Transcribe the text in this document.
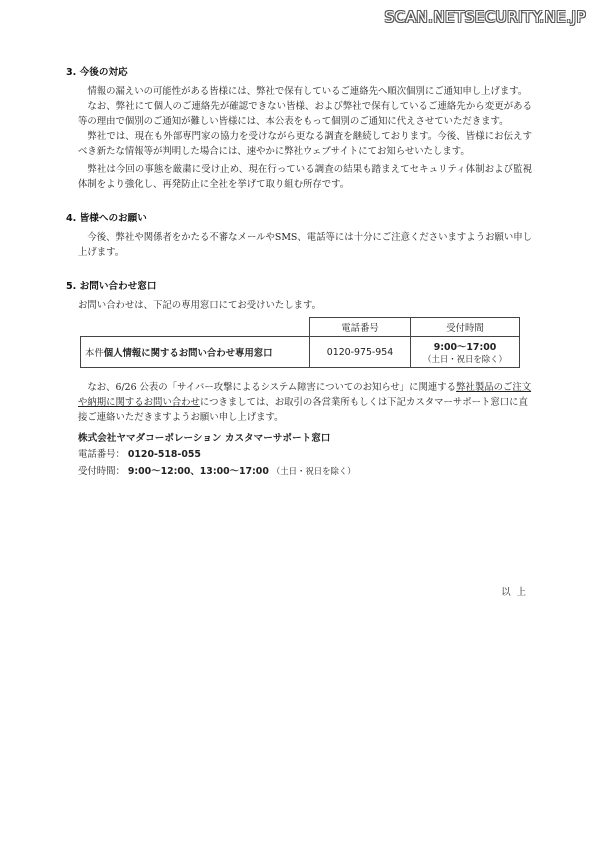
SCAN.NETSECURITY.NE.JP
3. 今後の対応

情報の漏えいの可能性がある皆様には、弊社で保有しているご連絡先へ順次個別にご通知申し上げます。

なお、弊社にて個人のご連絡先が確認できない皆様、および弊社で保有しているご連絡先から変更がある等の理由で個別のご通知が難しい皆様には、本公表をもって個別のご通知に代えさせていただきます。

弊社では、現在も外部専門家の協力を受けながら更なる調査を継続しております。今後、皆様にお伝えすべき新たな情報等が判明した場合には、速やかに弊社ウェブサイトにてお知らせいたします。

弊社は今回の事態を厳粛に受け止め、現在行っている調査の結果も踏まえてセキュリティ体制および監視体制をより強化し、再発防止に全社を挙げて取り組む所存です。

4. 皆様へのお願い

今後、弊社や関係者をかたる不審なメールやSMS、電話等には十分にご注意くださいますようお願い申し上げます。

5. お問い合わせ窓口
お問い合わせは、下記の専用窓口にてお受けいたします。
	電話番号	受付時間
本件個人情報に関するお問い合わせ専用窓口	0120-975-954	9:00〜17:00
（土日・祝日を除く）
なお、6/26 公表の「サイバー攻撃によるシステム障害についてのお知らせ」に関連する弊社製品のご注文や納期に関するお問い合わせにつきましては、お取引の各営業所もしくは下記カスタマーサポート窓口に直接ご連絡いただきますようお願い申し上げます。
株式会社ヤマダコーポレーション カスタマーサポート窓口
電話番号： 0120-518-055
受付時間： 9:00〜12:00、13:00〜17:00 （土日・祝日を除く）
以上
